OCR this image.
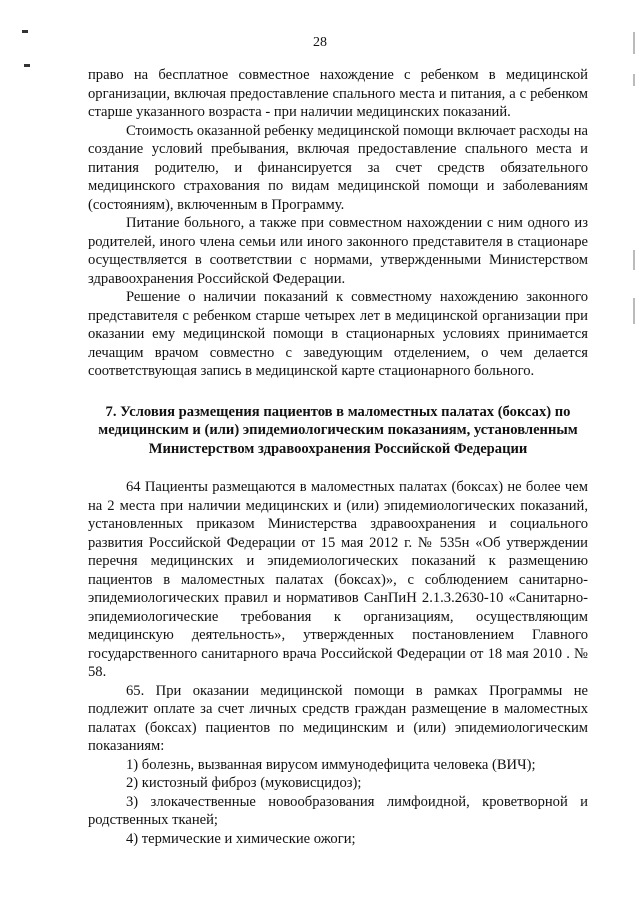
28

право на бесплатное совместное нахождение с ребенком в медицинской организации, включая предоставление спального места и питания, а с ребенком старше указанного возраста - при наличии медицинских показаний.

Стоимость оказанной ребенку медицинской помощи включает расходы на создание условий пребывания, включая предоставление спального места и питания родителю, и финансируется за счет средств обязательного медицинского страхования по видам медицинской помощи и заболеваниям (состояниям), включенным в Программу.

Питание больного, а также при совместном нахождении с ним одного из родителей, иного члена семьи или иного законного представителя в стационаре осуществляется в соответствии с нормами, утвержденными Министерством здравоохранения Российской Федерации.

Решение о наличии показаний к совместному нахождению законного представителя с ребенком старше четырех лет в медицинской организации при оказании ему медицинской помощи в стационарных условиях принимается лечащим врачом совместно с заведующим отделением, о чем делается соответствующая запись в медицинской карте стационарного больного.

7. Условия размещения пациентов в маломестных палатах (боксах) по медицинским и (или) эпидемиологическим показаниям, установленным Министерством здравоохранения Российской Федерации

64 Пациенты размещаются в маломестных палатах (боксах) не более чем на 2 места при наличии медицинских и (или) эпидемиологических показаний, установленных приказом Министерства здравоохранения и социального развития Российской Федерации от 15 мая 2012 г. № 535н «Об утверждении перечня медицинских и эпидемиологических показаний к размещению пациентов в маломестных палатах (боксах)», с соблюдением санитарно-эпидемиологических правил и нормативов СанПиН 2.1.3.2630-10 «Санитарно-эпидемиологические требования к организациям, осуществляющим медицинскую деятельность», утвержденных постановлением Главного государственного санитарного врача Российской Федерации от 18 мая 2010 . № 58.

65. При оказании медицинской помощи в рамках Программы не подлежит оплате за счет личных средств граждан размещение в маломестных палатах (боксах) пациентов по медицинским и (или) эпидемиологическим показаниям:

1) болезнь, вызванная вирусом иммунодефицита человека (ВИЧ);

2) кистозный фиброз (муковисцидоз);

3) злокачественные новообразования лимфоидной, кроветворной и родственных тканей;

4) термические и химические ожоги;
